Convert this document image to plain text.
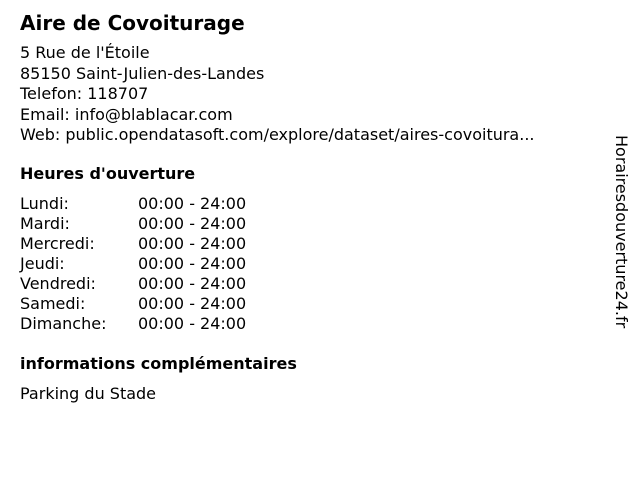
Aire de Covoiturage
5 Rue de l'Étoile
85150 Saint-Julien-des-Landes
Telefon: 118707
Email: info@blablacar.com
Web: public.opendatasoft.com/explore/dataset/aires-covoitura...
Heures d'ouverture
Lundi:	00:00 - 24:00
Mardi:	00:00 - 24:00
Mercredi:	00:00 - 24:00
Jeudi:	00:00 - 24:00
Vendredi:	00:00 - 24:00
Samedi:	00:00 - 24:00
Dimanche:	00:00 - 24:00
informations complémentaires
Parking du Stade
Horairesdouverture24.fr
